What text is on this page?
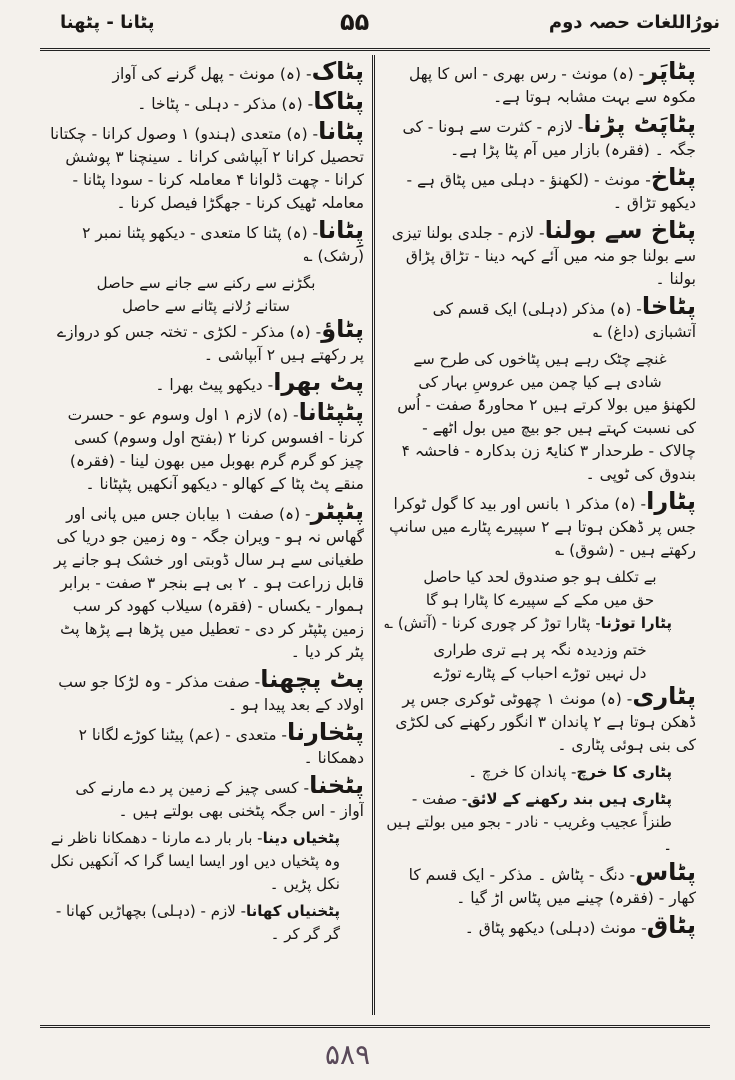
نورُاللغات حصہ دوم
۵۵
پٹانا - پٹھنا
پٹاپَر- (ہ) مونث - رس بھری - اس کا پھل مکوہ سے بہت مشابہ ہوتا ہے۔
پٹاپَٹ پڑنا- لازم - کثرت سے ہونا - کی جگہ ۔ (فقرہ) بازار میں آم پٹا پڑا ہے۔
پٹاخ- مونث - (لکھنؤ - دہلی میں پٹاق ہے - دیکھو تڑاق ۔
پٹاخ سے بولنا- لازم - جلدی بولنا تیزی سے بولنا جو منہ میں آئے کہہ دینا - تڑاق پڑاق بولنا ۔
پٹاخا- (ہ) مذکر (دہلی) ایک قسم کی آتشبازی (داغ) ؎
غنچے چٹک رہے ہیں پٹاخوں کی طرح سے
شادی ہے کیا چمن میں عروسِ بہار کی
لکھنؤ میں بولا کرتے ہیں ۲ محاورۃً صفت - اُس کی نسبت کہتے ہیں جو بیچ میں بول اٹھے - چالاک - طرحدار ۳ کنایۃً زن بدکارہ - فاحشہ ۴ بندوق کی ٹوپی ۔
پٹارا- (ہ) مذکر ۱ بانس اور بید کا گول ٹوکرا جس پر ڈھکن ہوتا ہے ۲ سپیرے پٹارے میں سانپ رکھتے ہیں - (شوق) ؎
بے تکلف ہو جو صندوق لحد کیا حاصل
حق میں مکے کے سپیرے کا پٹارا ہو گا
پٹارا توڑنا- پٹارا توڑ کر چوری کرنا - (آتش) ؎
ختم وزدیدہ نگہ پر ہے تری طراری
دل نہیں توڑے احباب کے پٹارے توڑے
پٹاری- (ہ) مونث ۱ چھوٹی ٹوکری جس پر ڈھکن ہوتا ہے ۲ پاندان ۳ انگور رکھنے کی لکڑی کی بنی ہوئی پٹاری ۔
پٹاری کا خرچ- پاندان کا خرچ ۔
پٹاری ہیں بند رکھنے کے لائق- صفت - طنزاً عجیب وغریب - نادر - بجو میں بولتے ہیں ۔
پٹاس- دنگ - پٹاش ۔ مذکر - ایک قسم کا کھار - (فقرہ) چینے میں پٹاس اڑ گیا ۔
پٹاق- مونث (دہلی) دیکھو پٹاق ۔
پٹاک- (ہ) مونث - پھل گرنے کی آواز
پٹاکا- (ہ) مذکر - دہلی - پٹاخا ۔
پٹانا- (ہ) متعدی (ہندو) ۱ وصول کرانا - چکتانا تحصیل کرانا ۲ آبپاشی کرانا ۔ سینچنا ۳ پوشش کرانا - چھت ڈلوانا ۴ معاملہ کرنا - سودا پٹانا - معاملہ ٹھیک کرنا - جھگڑا فیصل کرنا ۔
پِٹانا- (ہ) پٹنا کا متعدی - دیکھو پٹنا نمبر ۲ (رشک) ؎
بگڑنے سے رکنے سے جانے سے حاصل
ستانے رُلانے پٹانے سے حاصل
پٹاؤ- (ہ) مذکر - لکڑی - تختہ جس کو دروازے پر رکھتے ہیں ۲ آبپاشی ۔
پٹ بھرا- دیکھو پیٹ بھرا ۔
پٹپٹانا- (ہ) لازم ۱ اول وسوم عو - حسرت کرنا - افسوس کرنا ۲ (بفتح اول وسوم) کسی چیز کو گرم گرم بھوبل میں بھون لینا - (فقرہ) منقے پٹ پٹا کے کھالو - دیکھو آنکھیں پٹپٹانا ۔
پٹپٹر- (ہ) صفت ۱ بیابان جس میں پانی اور گھاس نہ ہو - ویران جگہ - وہ زمین جو دریا کی طغیانی سے ہر سال ڈوبتی اور خشک ہو جانے پر قابل زراعت ہو ۔ ۲ بی ہے بنجر ۳ صفت - برابر ہموار - یکساں - (فقرہ) سیلاب کھود کر سب زمین پٹپٹر کر دی - تعطیل میں پڑھا ہے پڑھا پٹ پٹر کر دیا ۔
پٹ پچھنا- صفت مذکر - وہ لڑکا جو سب اولاد کے بعد پیدا ہو ۔
پٹخارنا- متعدی - (عم) پیٹنا کوڑے لگانا ۲ دھمکانا ۔
پٹخنا- کسی چیز کے زمین پر دے مارنے کی آواز - اس جگہ پٹخنی بھی بولتے ہیں ۔
پٹخیاں دینا- بار بار دے مارنا - دھمکانا ناظر نے وہ پٹخیاں دیں اور ایسا ایسا گرا کہ آنکھیں نکل نکل پڑیں ۔
پٹخنیاں کھانا- لازم - (دہلی) بچھاڑیں کھانا - گر گر کر ۔
۵۸۹
